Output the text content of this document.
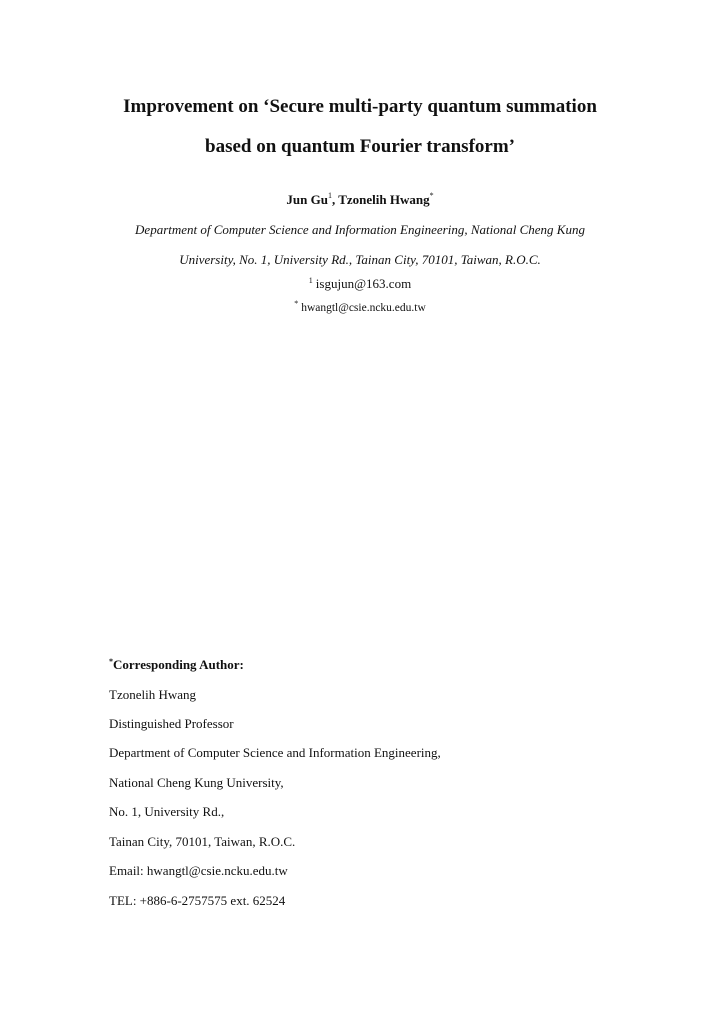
Improvement on ‘Secure multi-party quantum summation
based on quantum Fourier transform’
Jun Gu$^1$, Tzonelih Hwang*
Department of Computer Science and Information Engineering, National Cheng Kung
University, No. 1, University Rd., Tainan City, 70101, Taiwan, R.O.C.
$^1$ isgujun@163.com
* hwangtl@csie.ncku.edu.tw
*Corresponding Author:
Tzonelih Hwang
Distinguished Professor
Department of Computer Science and Information Engineering,
National Cheng Kung University,
No. 1, University Rd.,
Tainan City, 70101, Taiwan, R.O.C.
Email: hwangtl@csie.ncku.edu.tw
TEL: +886-6-2757575 ext. 62524
